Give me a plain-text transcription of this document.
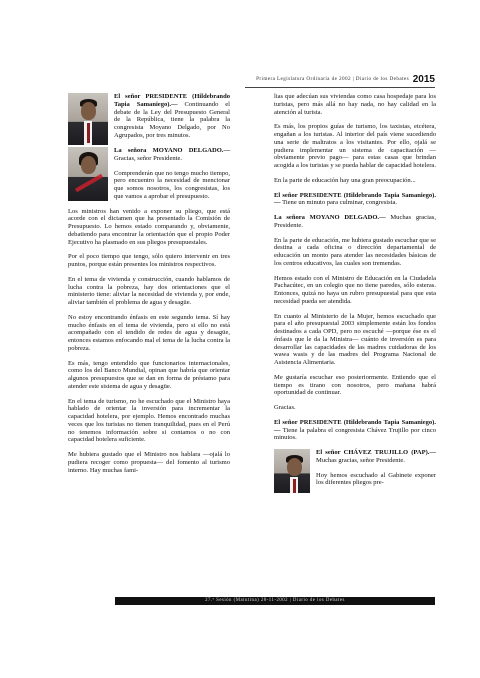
Primera Legislatura Ordinaria de 2002 | Diario de los Debates 2015

El señor PRESIDENTE (Hildebrando Tapia Samaniego).— Continuando el debate de la Ley del Presupuesto General de la República, tiene la palabra la congresista Moyano Delgado, por No Agrupados, por tres minutos.

La señora MOYANO DELGADO.— Gracias, señor Presidente.

Comprenderán que no tengo mucho tiempo, pero encuentro la necesidad de mencionar que somos nosotros, los congresistas, los que vamos a aprobar el presupuesto.

Los ministros han venido a exponer su pliego, que está acorde con el dictamen que ha presentado la Comisión de Presupuesto. Lo hemos estado comparando y, obviamente, debatiendo para encontrar la orientación que el propio Poder Ejecutivo ha plasmado en sus pliegos presupuestales.

Por el poco tiempo que tengo, sólo quiero intervenir en tres puntos, porque están presentes los ministros respectivos.

En el tema de vivienda y construcción, cuando hablamos de lucha contra la pobreza, hay dos orientaciones que el ministerio tiene: aliviar la necesidad de vivienda y, por ende, aliviar también el problema de agua y desagüe.

No estoy encontrando énfasis en este segundo tema. Sí hay mucho énfasis en el tema de vivienda, pero si ello no está acompañado con el tendido de redes de agua y desagüe, entonces estamos enfocando mal el tema de la lucha contra la pobreza.

Es más, tengo entendido que funcionarios internacionales, como los del Banco Mundial, opinan que habría que orientar algunos presupuestos que se dan en forma de préstamo para atender este sistema de agua y desagüe.

En el tema de turismo, no he escuchado que el Ministro haya hablado de orientar la inversión para incrementar la capacidad hotelera, por ejemplo. Hemos encontrado muchas veces que los turistas no tienen tranquilidad, pues en el Perú no tenemos información sobre si contamos o no con capacidad hotelera suficiente.

Me hubiera gustado que el Ministro nos hablara —ojalá lo pudiera recoger como propuesta— del fomento al turismo interno. Hay muchas fami-

lias que adecúan sus viviendas como casa hospedaje para los turistas, pero más allá no hay nada, no hay calidad en la atención al turista.

Es más, los propios guías de turismo, los taxistas, etcétera, engañan a los turistas. Al interior del país viene sucediendo una serie de maltratos a los visitantes. Por ello, ojalá se pudiera implementar un sistema de capacitación —obviamente previo pago— para estas casas que brindan acogida a los turistas y se pueda hablar de capacidad hotelera.

En la parte de educación hay una gran preocupación...

El señor PRESIDENTE (Hildebrando Tapia Samaniego).— Tiene un minuto para culminar, congresista.

La señora MOYANO DELGADO.— Muchas gracias, Presidente.

En la parte de educación, me hubiera gustado escuchar que se destina a cada oficina o dirección departamental de educación un monto para atender las necesidades básicas de los centros educativos, las cuales son tremendas.

Hemos estado con el Ministro de Educación en la Ciudadela Pachacútec, en un colegio que no tiene paredes, sólo esteras. Entonces, quizá no haya un rubro presupuestal para que esta necesidad pueda ser atendida.

En cuanto al Ministerio de la Mujer, hemos escuchado que para el año presupuestal 2003 simplemente están los fondos destinados a cada OPD, pero no escuché —porque ése es el énfasis que le da la Ministra— cuánto de inversión es para desarrollar las capacidades de las madres cuidadoras de los wawa wasis y de las madres del Programa Nacional de Asistencia Alimentaria.

Me gustaría escuchar eso posteriormente. Entiendo que el tiempo es tirano con nosotros, pero mañana habrá oportunidad de continuar.

Gracias.

El señor PRESIDENTE (Hildebrando Tapia Samaniego).— Tiene la palabra el congresista Chávez Trujillo por cinco minutos.

El señor CHÁVEZ TRUJILLO (PAP).— Muchas gracias, señor Presidente.

Hoy hemos escuchado al Gabinete exponer los diferentes pliegos pre-

27.ª Sesión (Matutina) 28-11-2002 | Diario de los Debates
